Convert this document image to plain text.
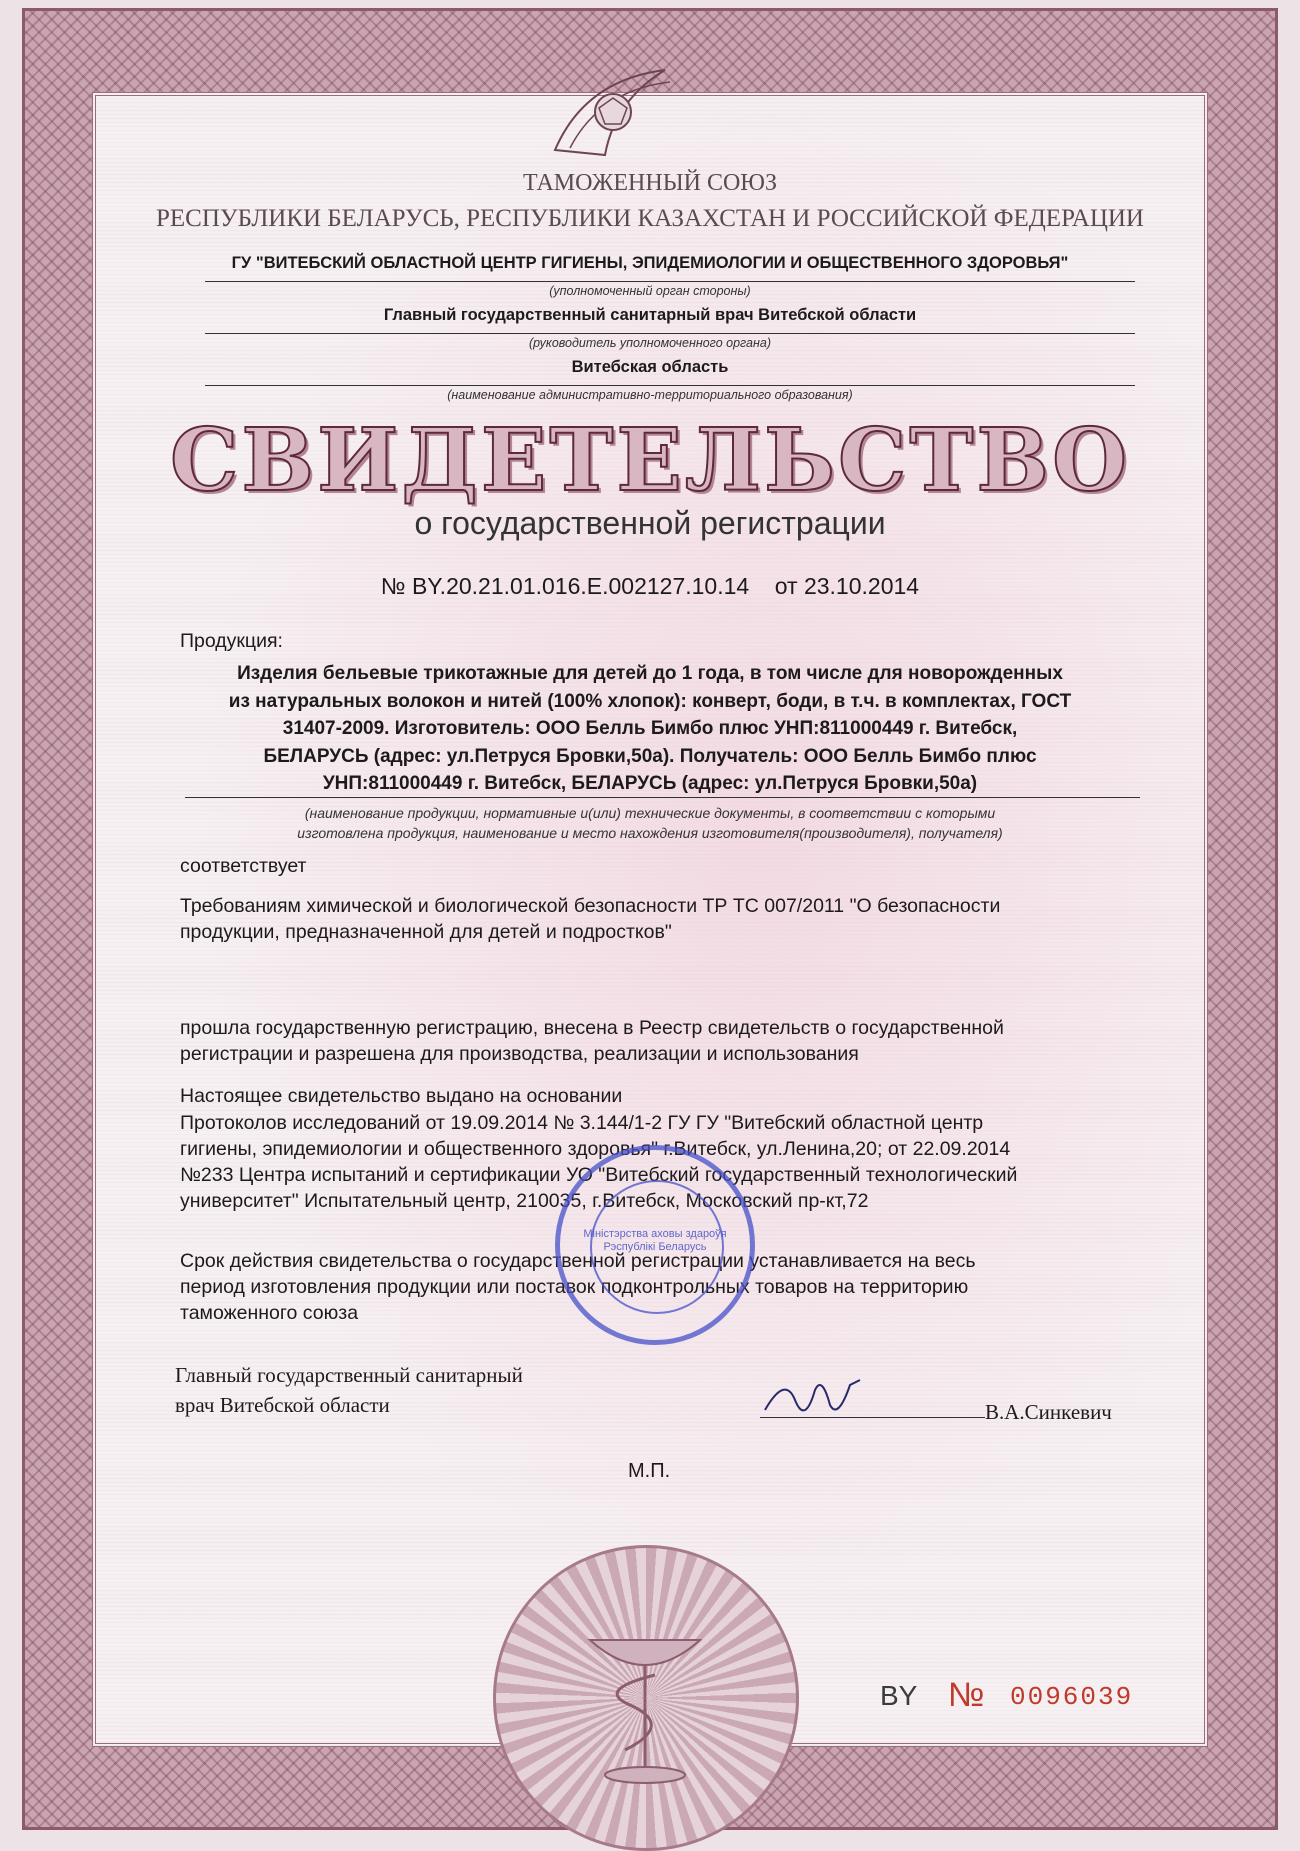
ТАМОЖЕННЫЙ СОЮЗ
РЕСПУБЛИКИ БЕЛАРУСЬ, РЕСПУБЛИКИ КАЗАХСТАН И РОССИЙСКОЙ ФЕДЕРАЦИИ
ГУ "ВИТЕБСКИЙ ОБЛАСТНОЙ ЦЕНТР ГИГИЕНЫ, ЭПИДЕМИОЛОГИИ И ОБЩЕСТВЕННОГО ЗДОРОВЬЯ"
(уполномоченный орган стороны)
Главный государственный санитарный врач Витебской области
(руководитель уполномоченного органа)
Витебская область
(наименование административно-территориального образования)
СВИДЕТЕЛЬСТВО
о государственной регистрации
№ BY.20.21.01.016.E.002127.10.14    от 23.10.2014
Продукция:
Изделия бельевые трикотажные для детей до 1 года, в том числе для новорожденных
из натуральных волокон и нитей (100% хлопок): конверт, боди, в т.ч. в комплектах, ГОСТ
31407-2009. Изготовитель: ООО Белль Бимбо плюс УНП:811000449 г. Витебск,
БЕЛАРУСЬ (адрес: ул.Петруся Бровки,50а). Получатель: ООО Белль Бимбо плюс
УНП:811000449 г. Витебск, БЕЛАРУСЬ (адрес: ул.Петруся Бровки,50а)
(наименование продукции, нормативные и(или) технические документы, в соответствии с которыми
изготовлена продукция, наименование и место нахождения изготовителя(производителя), получателя)
соответствует
Требованиям химической и биологической безопасности ТР ТС 007/2011 "О безопасности
продукции, предназначенной для детей и подростков"
прошла государственную регистрацию, внесена в Реестр свидетельств о государственной
регистрации и разрешена для производства, реализации и использования
Настоящее свидетельство выдано на основании
Протоколов исследований от 19.09.2014 № 3.144/1-2 ГУ ГУ "Витебский областной центр
гигиены, эпидемиологии и общественного здоровья" г.Витебск, ул.Ленина,20; от 22.09.2014
№233 Центра испытаний и сертификации УО "Витебский государственный технологический
университет" Испытательный центр, 210035, г.Витебск, Московский пр-кт,72
Срок действия свидетельства о государственной регистрации устанавливается на весь
период изготовления продукции или поставок подконтрольных товаров на территорию
таможенного союза
Главный государственный санитарный
врач Витебской области	В.А.Синкевич
Міністэрства аховы здароўя Рэспублікі Беларусь
М.П.
BY № 0096039
